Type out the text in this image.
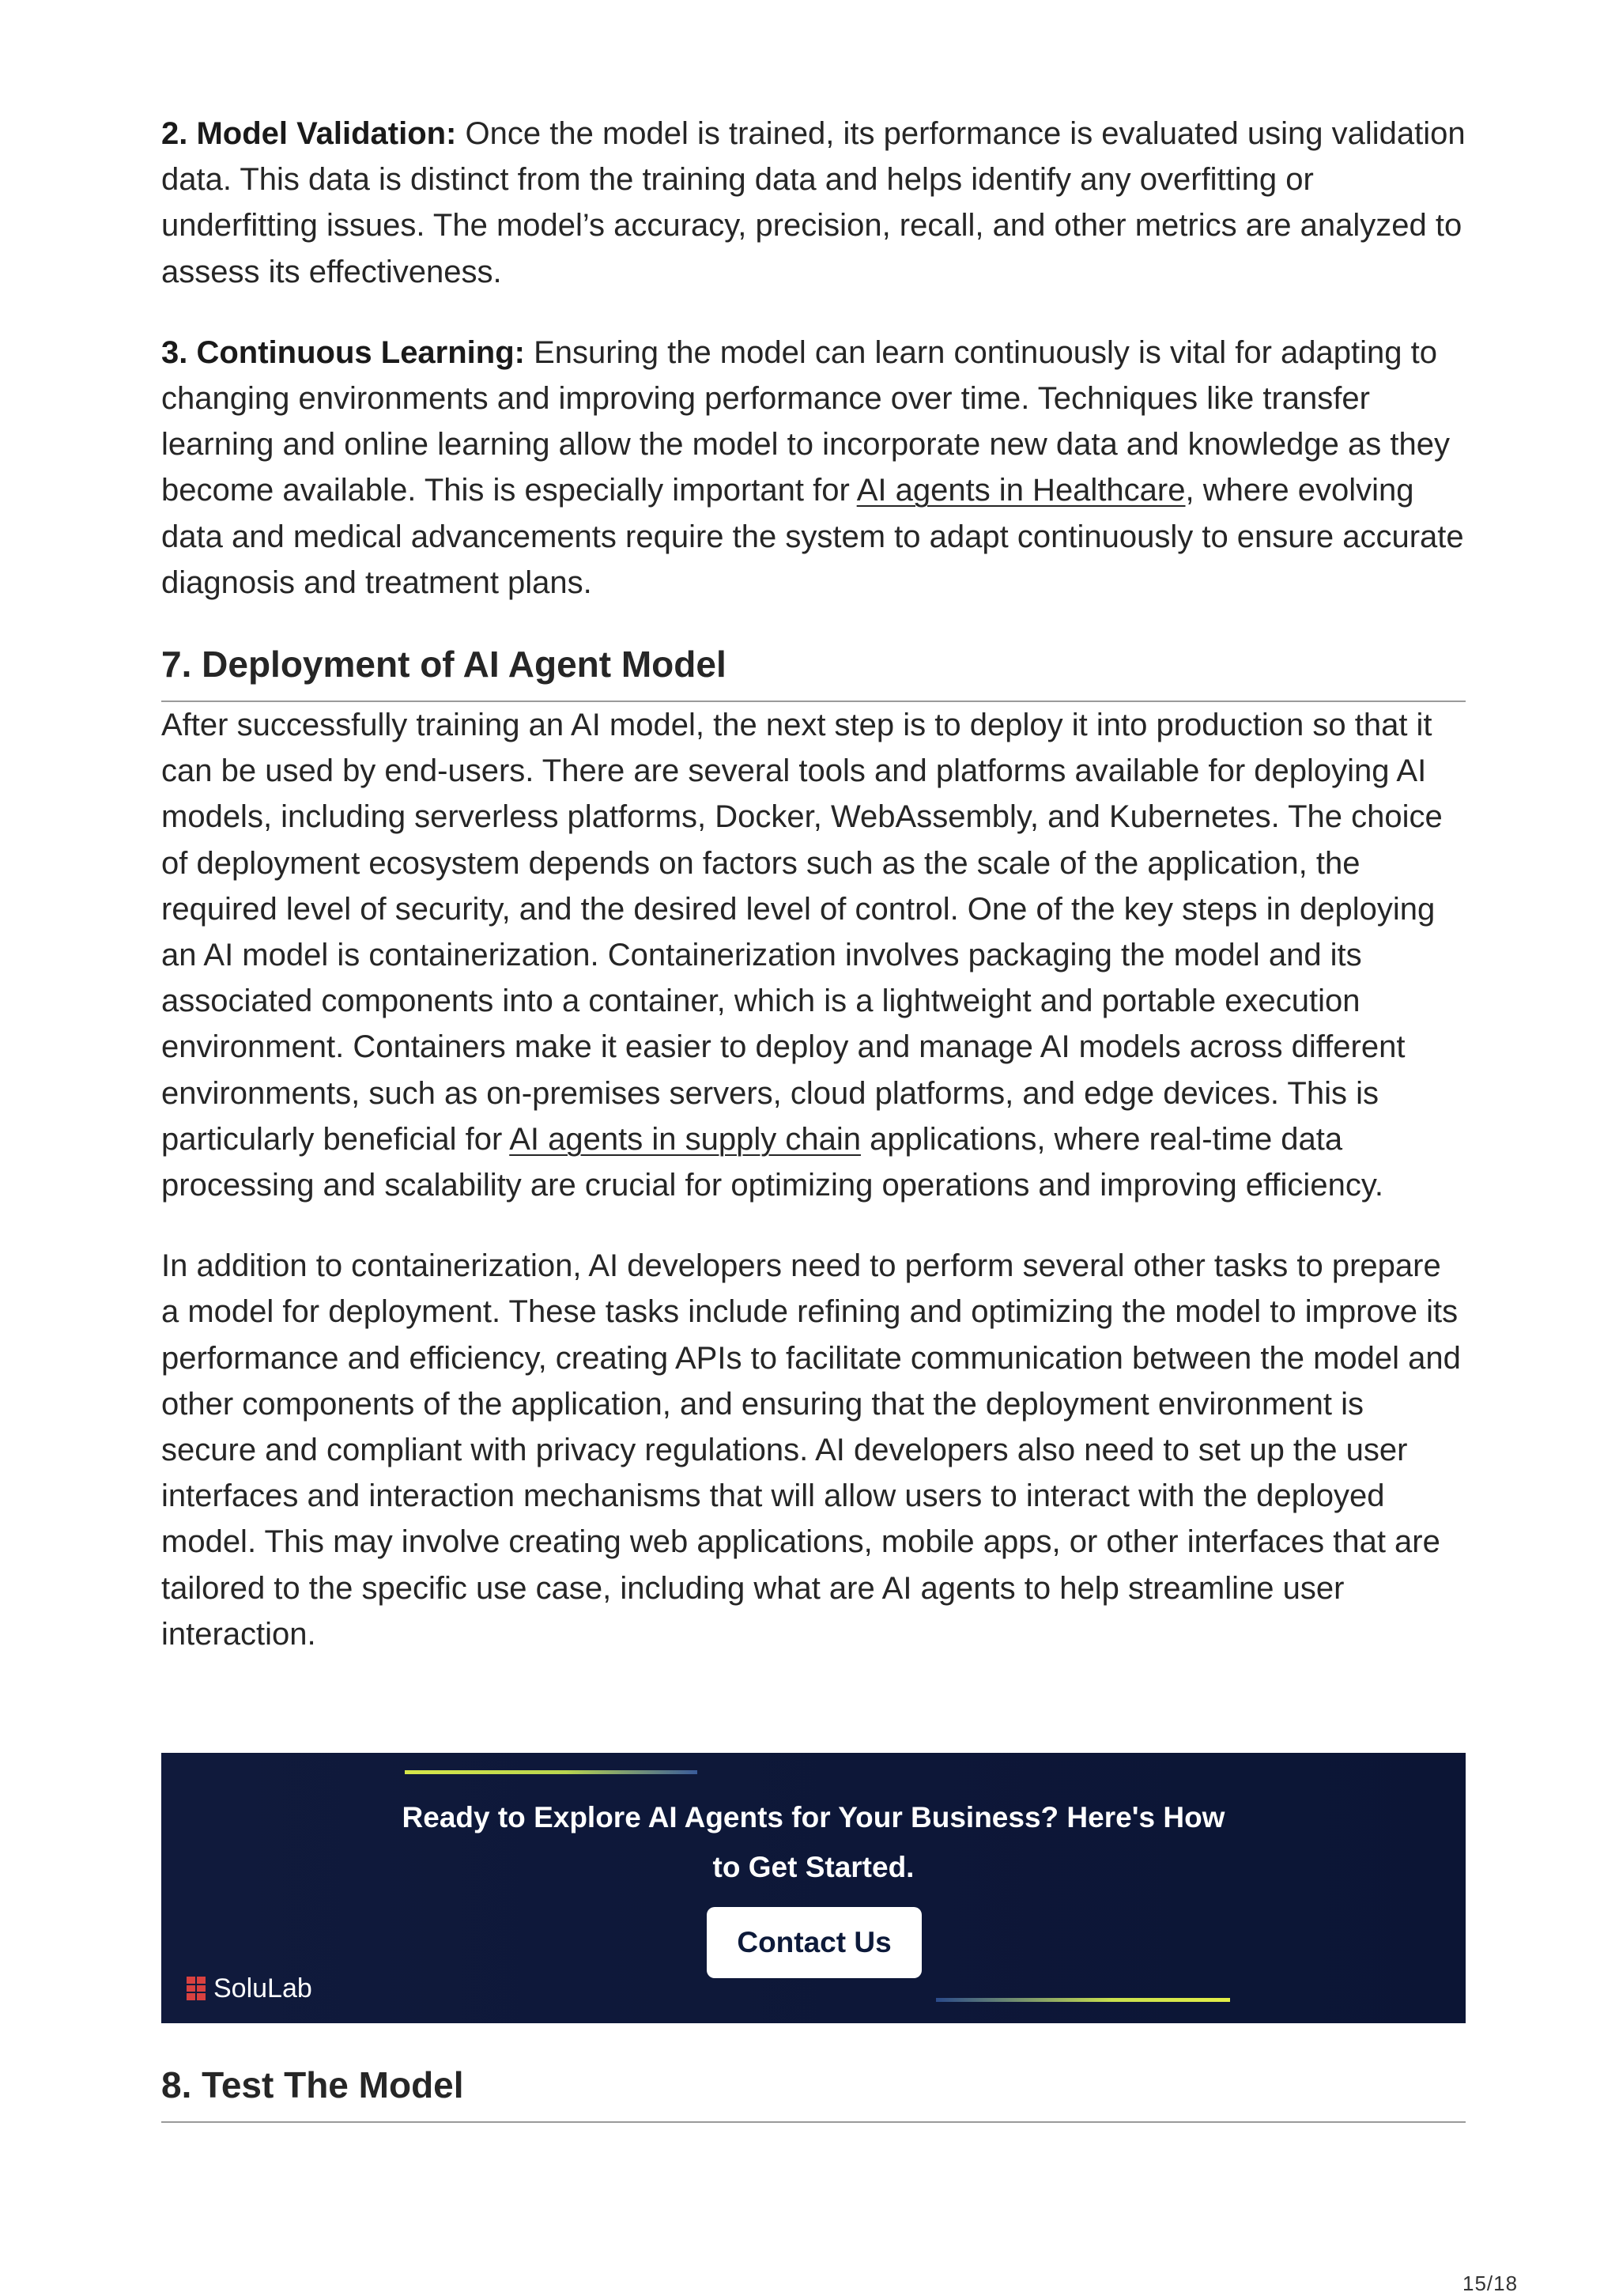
2. Model Validation: Once the model is trained, its performance is evaluated using validation data. This data is distinct from the training data and helps identify any overfitting or underfitting issues. The model’s accuracy, precision, recall, and other metrics are analyzed to assess its effectiveness.

3. Continuous Learning: Ensuring the model can learn continuously is vital for adapting to changing environments and improving performance over time. Techniques like transfer learning and online learning allow the model to incorporate new data and knowledge as they become available. This is especially important for AI agents in Healthcare, where evolving data and medical advancements require the system to adapt continuously to ensure accurate diagnosis and treatment plans.

7. Deployment of AI Agent Model

After successfully training an AI model, the next step is to deploy it into production so that it can be used by end-users. There are several tools and platforms available for deploying AI models, including serverless platforms, Docker, WebAssembly, and Kubernetes. The choice of deployment ecosystem depends on factors such as the scale of the application, the required level of security, and the desired level of control. One of the key steps in deploying an AI model is containerization. Containerization involves packaging the model and its associated components into a container, which is a lightweight and portable execution environment. Containers make it easier to deploy and manage AI models across different environments, such as on-premises servers, cloud platforms, and edge devices. This is particularly beneficial for AI agents in supply chain applications, where real-time data processing and scalability are crucial for optimizing operations and improving efficiency.

In addition to containerization, AI developers need to perform several other tasks to prepare a model for deployment. These tasks include refining and optimizing the model to improve its performance and efficiency, creating APIs to facilitate communication between the model and other components of the application, and ensuring that the deployment environment is secure and compliant with privacy regulations. AI developers also need to set up the user interfaces and interaction mechanisms that will allow users to interact with the deployed model. This may involve creating web applications, mobile apps, or other interfaces that are tailored to the specific use case, including what are AI agents to help streamline user interaction.

Ready to Explore AI Agents for Your Business? Here's How
to Get Started.
Contact Us
SoluLab
8. Test The Model
15/18
